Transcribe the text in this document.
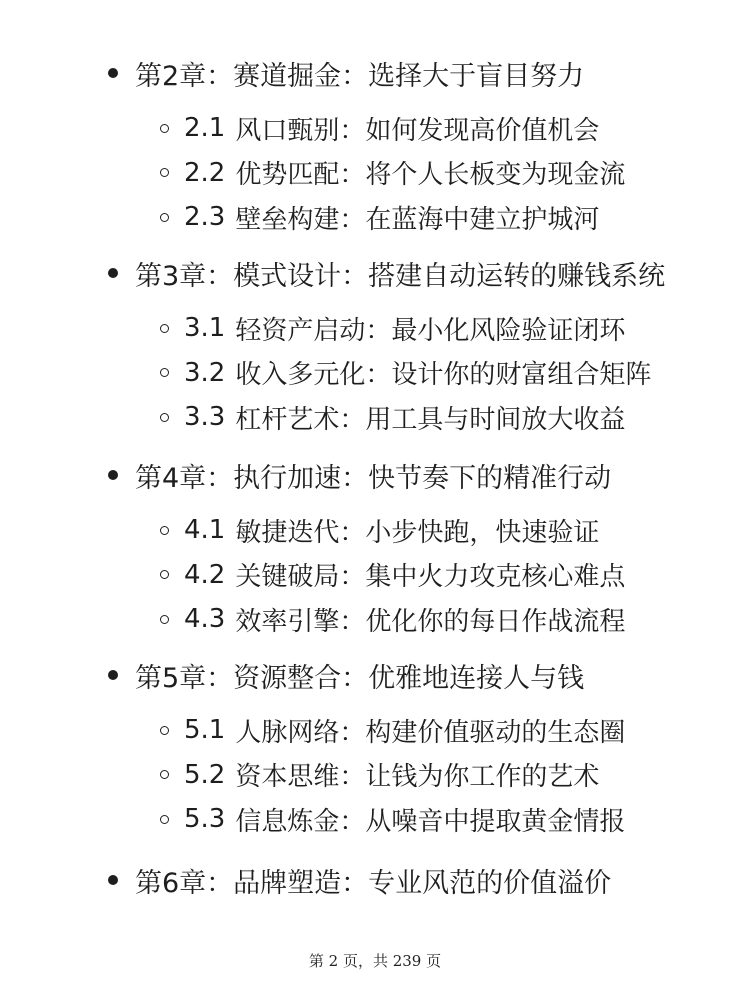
第2章：赛道掘金：选择大于盲目努力
2.1 风口甄别：如何发现高价值机会
2.2 优势匹配：将个人长板变为现金流
2.3 壁垒构建：在蓝海中建立护城河
第3章：模式设计：搭建自动运转的赚钱系统
3.1 轻资产启动：最小化风险验证闭环
3.2 收入多元化：设计你的财富组合矩阵
3.3 杠杆艺术：用工具与时间放大收益
第4章：执行加速：快节奏下的精准行动
4.1 敏捷迭代：小步快跑，快速验证
4.2 关键破局：集中火力攻克核心难点
4.3 效率引擎：优化你的每日作战流程
第5章：资源整合：优雅地连接人与钱
5.1 人脉网络：构建价值驱动的生态圈
5.2 资本思维：让钱为你工作的艺术
5.3 信息炼金：从噪音中提取黄金情报
第6章：品牌塑造：专业风范的价值溢价
第 2 页，共 239 页
